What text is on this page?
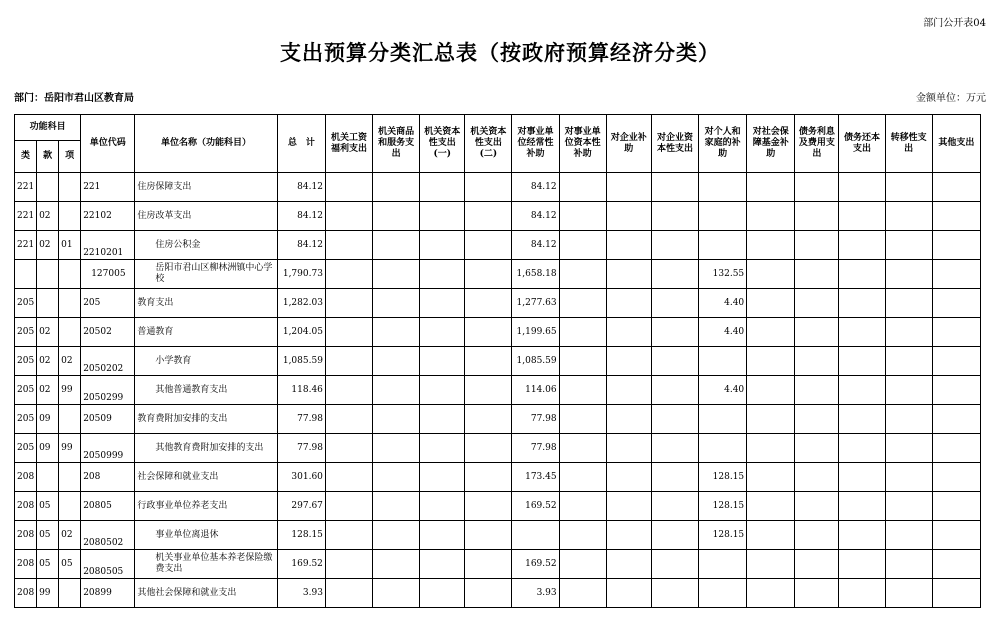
部门公开表04
支出预算分类汇总表（按政府预算经济分类）
部门：岳阳市君山区教育局	金额单位：万元
功能科目			单位代码	单位名称（功能科目）	总　计	机关工资福利支出	机关商品和服务支出	机关资本性支出(一)	机关资本性支出(二)	对事业单位经常性补助	对事业单位资本性补助	对企业补助	对企业资本性支出	对个人和家庭的补助	对社会保障基金补助	债务利息及费用支出	债务还本支出	转移性支出	其他支出
类	款	项																	
221			221	住房保障支出	84.12					84.12									
221	02		22102	住房改革支出	84.12					84.12									
221	02	01	2210201	住房公积金	84.12					84.12									
			127005	岳阳市君山区柳林洲镇中心学校	1,790.73					1,658.18				132.55					
205			205	教育支出	1,282.03					1,277.63				4.40					
205	02		20502	普通教育	1,204.05					1,199.65				4.40					
205	02	02	2050202	小学教育	1,085.59					1,085.59									
205	02	99	2050299	其他普通教育支出	118.46					114.06				4.40					
205	09		20509	教育费附加安排的支出	77.98					77.98									
205	09	99	2050999	其他教育费附加安排的支出	77.98					77.98									
208			208	社会保障和就业支出	301.60					173.45				128.15					
208	05		20805	行政事业单位养老支出	297.67					169.52				128.15					
208	05	02	2080502	事业单位离退休	128.15									128.15					
208	05	05	2080505	机关事业单位基本养老保险缴费支出	169.52					169.52									
208	99		20899	其他社会保障和就业支出	3.93					3.93									
